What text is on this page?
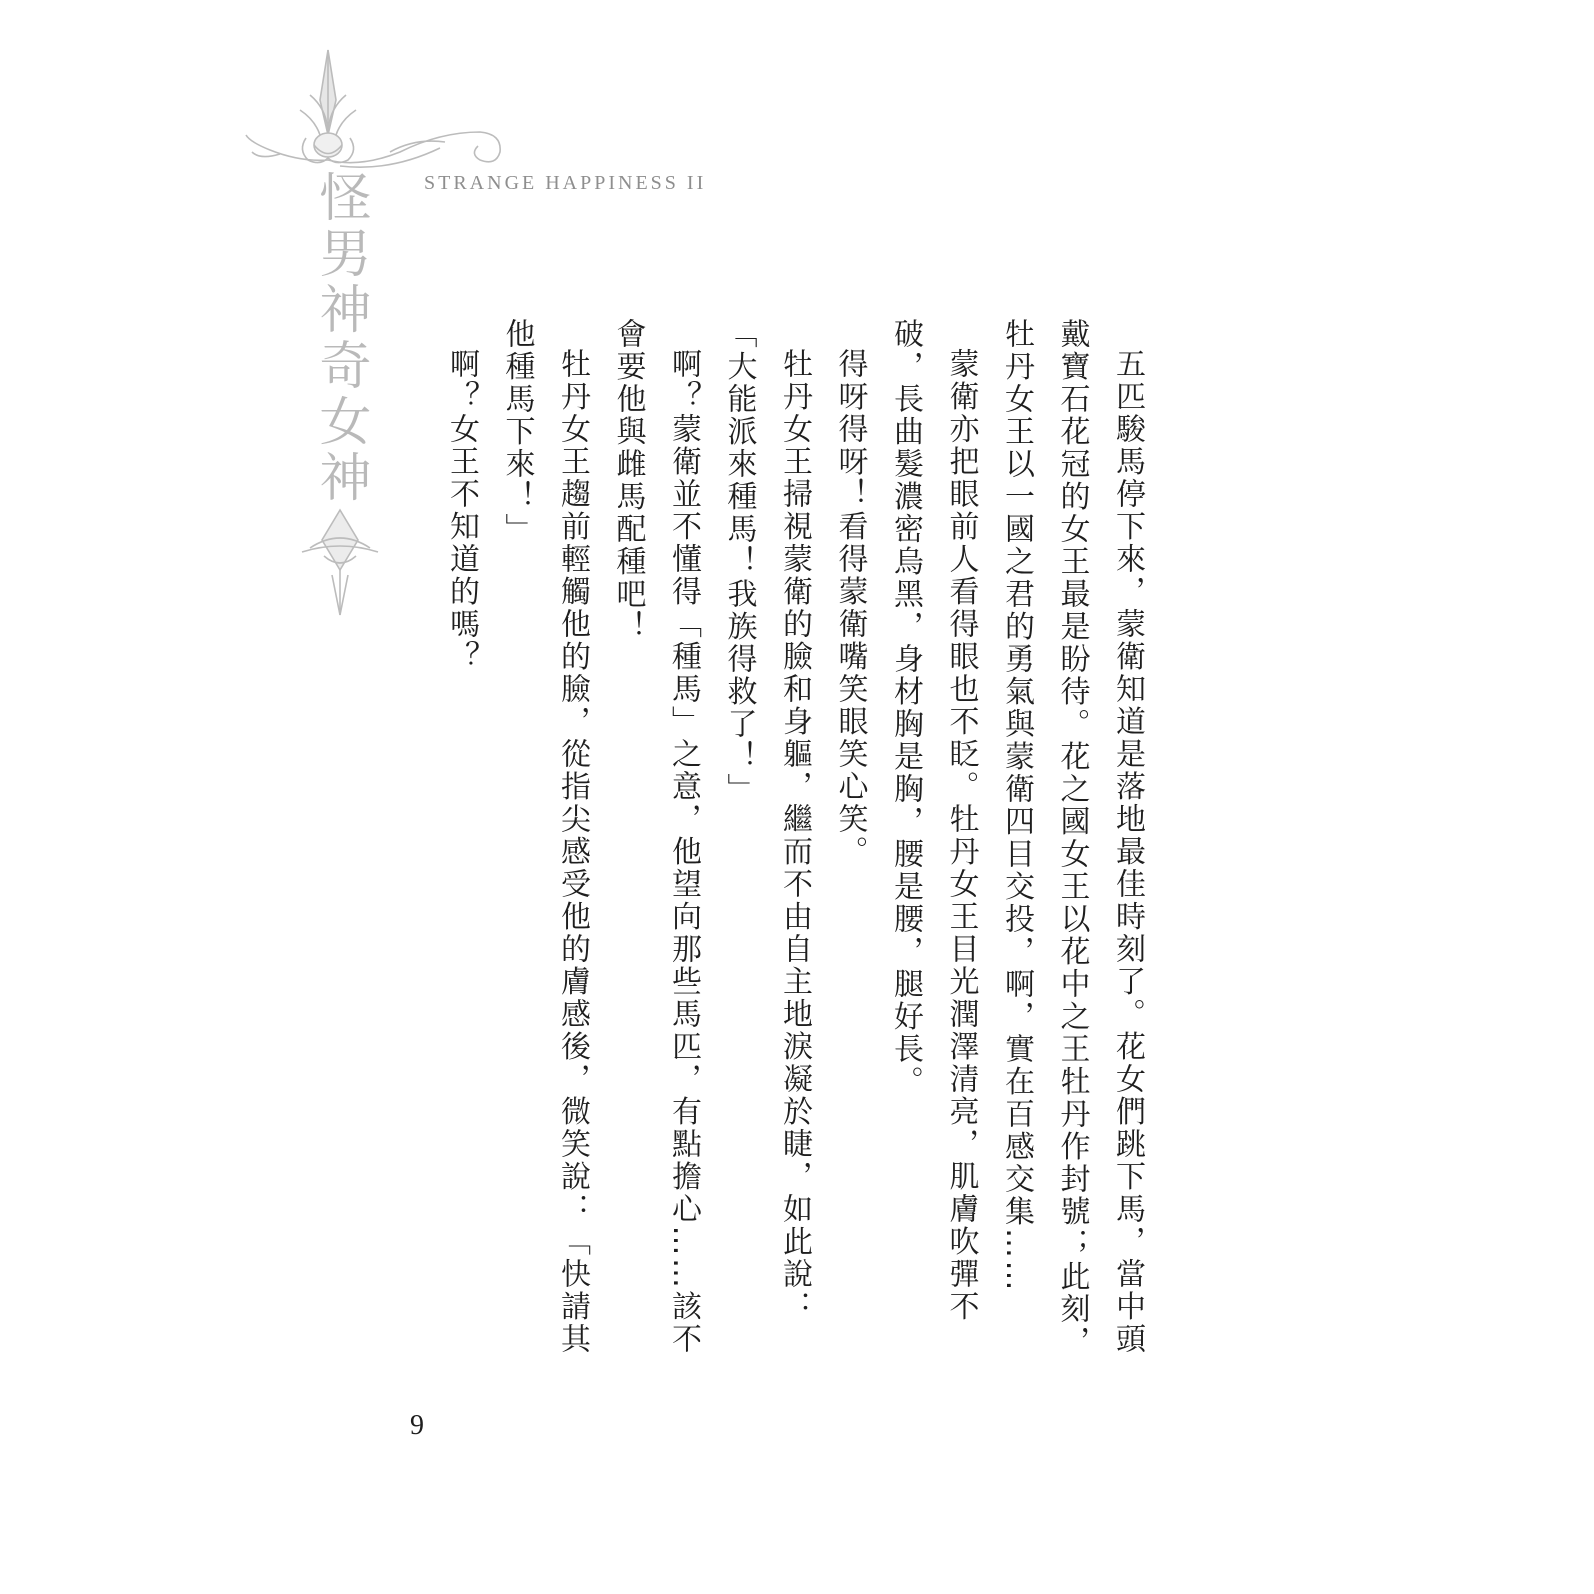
怪男神奇女神	STRANGE HAPPINESS II

五匹駿馬停下來，蒙衛知道是落地最佳時刻了。花女們跳下馬，當中頭戴寶石花冠的女王最是盼待。花之國女王以花中之王牡丹作封號；此刻，牡丹女王以一國之君的勇氣與蒙衛四目交投，啊，實在百感交集……

蒙衛亦把眼前人看得眼也不眨。牡丹女王目光潤澤清亮，肌膚吹彈不破，長曲髮濃密烏黑，身材胸是胸，腰是腰，腿好長。

得呀得呀！看得蒙衛嘴笑眼笑心笑。

牡丹女王掃視蒙衛的臉和身軀，繼而不由自主地淚凝於睫，如此說：「大能派來種馬！我族得救了！」

啊？蒙衛並不懂得「種馬」之意，他望向那些馬匹，有點擔心……該不會要他與雌馬配種吧！

牡丹女王趨前輕觸他的臉，從指尖感受他的膚感後，微笑說：「快請其他種馬下來！」

啊？女王不知道的嗎？

9
